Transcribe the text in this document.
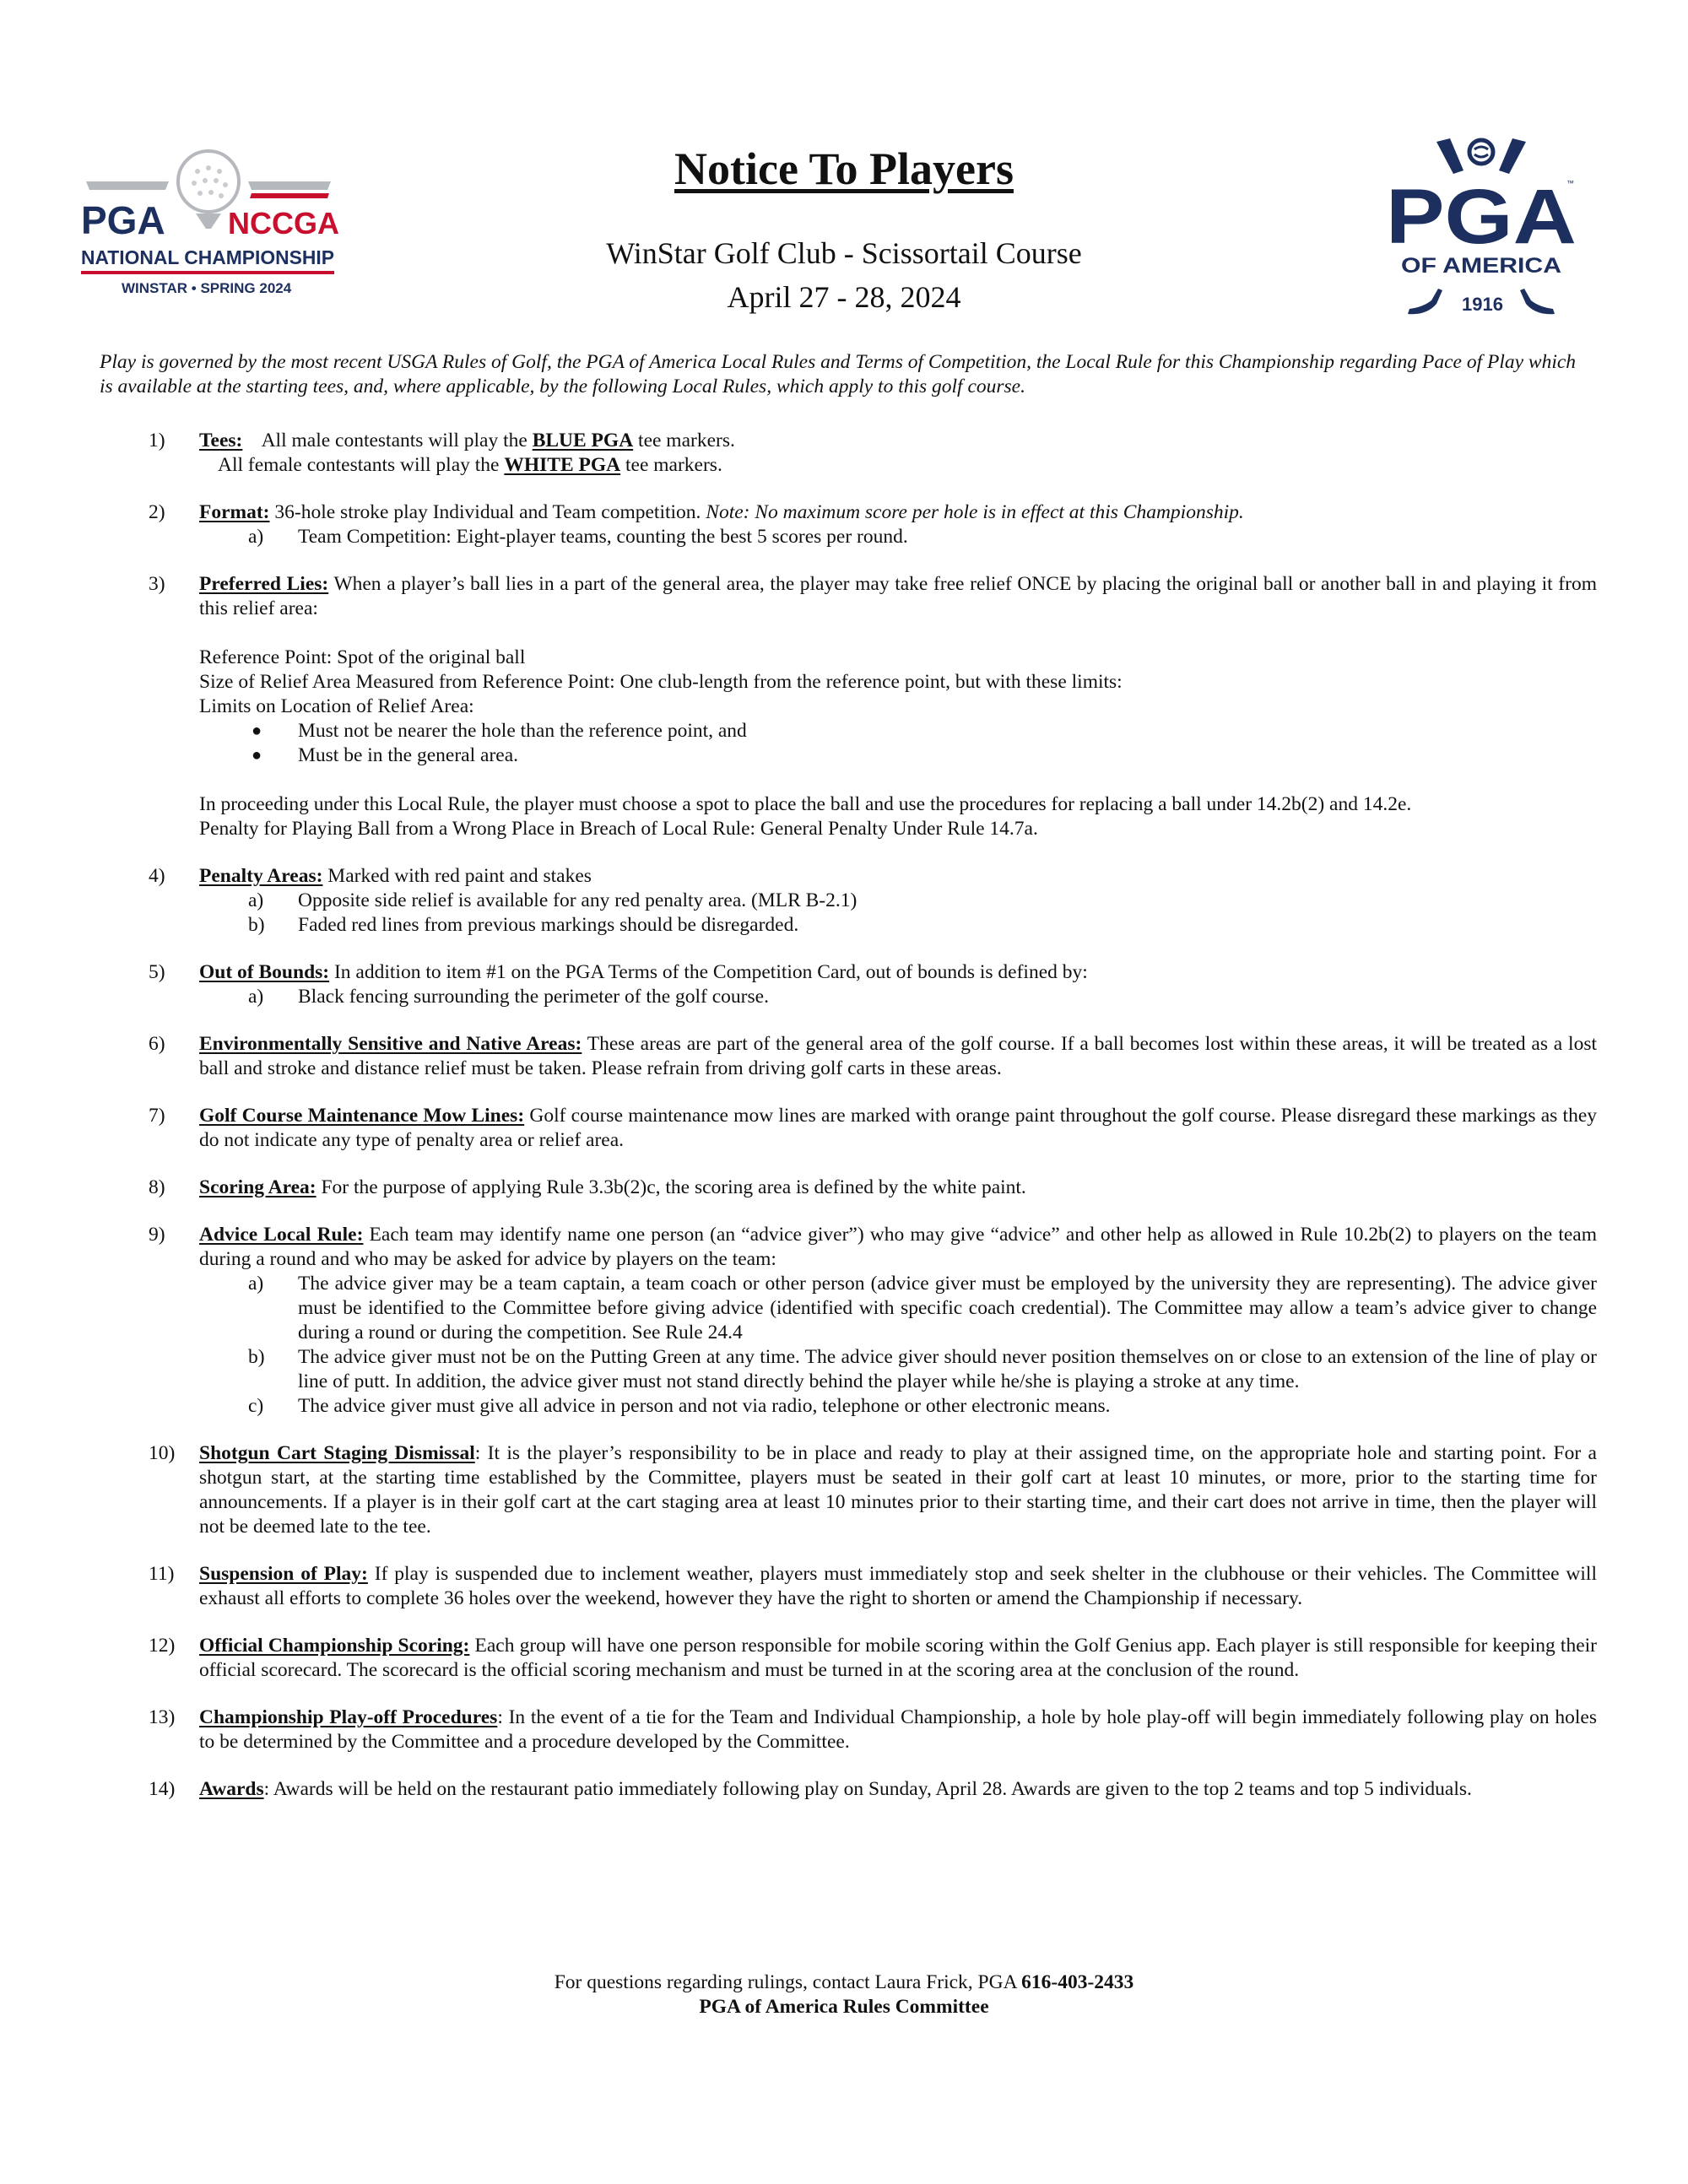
PGA NCCGA
NATIONAL CHAMPIONSHIP
WINSTAR • SPRING 2024
PGA
™
OF AMERICA
1916
Notice To Players
WinStar Golf Club - Scissortail Course
April 27 - 28, 2024
Play is governed by the most recent USGA Rules of Golf, the PGA of America Local Rules and Terms of Competition, the Local Rule for this Championship regarding Pace of Play which is available at the starting tees, and, where applicable, by the following Local Rules, which apply to this golf course.
1) Tees: All male contestants will play the BLUE PGA tee markers.
All female contestants will play the WHITE PGA tee markers.
2) Format: 36-hole stroke play Individual and Team competition. Note: No maximum score per hole is in effect at this Championship.
a) Team Competition: Eight-player teams, counting the best 5 scores per round.
3) Preferred Lies: When a player’s ball lies in a part of the general area, the player may take free relief ONCE by placing the original ball or another ball in and playing it from this relief area:
Reference Point: Spot of the original ball
Size of Relief Area Measured from Reference Point: One club-length from the reference point, but with these limits:
Limits on Location of Relief Area:
● Must not be nearer the hole than the reference point, and
● Must be in the general area.
In proceeding under this Local Rule, the player must choose a spot to place the ball and use the procedures for replacing a ball under 14.2b(2) and 14.2e.
Penalty for Playing Ball from a Wrong Place in Breach of Local Rule: General Penalty Under Rule 14.7a.
4) Penalty Areas: Marked with red paint and stakes
a) Opposite side relief is available for any red penalty area. (MLR B-2.1)
b) Faded red lines from previous markings should be disregarded.
5) Out of Bounds: In addition to item #1 on the PGA Terms of the Competition Card, out of bounds is defined by:
a) Black fencing surrounding the perimeter of the golf course.
6) Environmentally Sensitive and Native Areas: These areas are part of the general area of the golf course. If a ball becomes lost within these areas, it will be treated as a lost ball and stroke and distance relief must be taken. Please refrain from driving golf carts in these areas.
7) Golf Course Maintenance Mow Lines: Golf course maintenance mow lines are marked with orange paint throughout the golf course. Please disregard these markings as they do not indicate any type of penalty area or relief area.
8) Scoring Area: For the purpose of applying Rule 3.3b(2)c, the scoring area is defined by the white paint.
9) Advice Local Rule: Each team may identify name one person (an “advice giver”) who may give “advice” and other help as allowed in Rule 10.2b(2) to players on the team during a round and who may be asked for advice by players on the team:
a) The advice giver may be a team captain, a team coach or other person (advice giver must be employed by the university they are representing). The advice giver must be identified to the Committee before giving advice (identified with specific coach credential). The Committee may allow a team’s advice giver to change during a round or during the competition. See Rule 24.4
b) The advice giver must not be on the Putting Green at any time. The advice giver should never position themselves on or close to an extension of the line of play or line of putt. In addition, the advice giver must not stand directly behind the player while he/she is playing a stroke at any time.
c) The advice giver must give all advice in person and not via radio, telephone or other electronic means.
10) Shotgun Cart Staging Dismissal: It is the player’s responsibility to be in place and ready to play at their assigned time, on the appropriate hole and starting point. For a shotgun start, at the starting time established by the Committee, players must be seated in their golf cart at least 10 minutes, or more, prior to the starting time for announcements. If a player is in their golf cart at the cart staging area at least 10 minutes prior to their starting time, and their cart does not arrive in time, then the player will not be deemed late to the tee.
11) Suspension of Play: If play is suspended due to inclement weather, players must immediately stop and seek shelter in the clubhouse or their vehicles. The Committee will exhaust all efforts to complete 36 holes over the weekend, however they have the right to shorten or amend the Championship if necessary.
12) Official Championship Scoring: Each group will have one person responsible for mobile scoring within the Golf Genius app. Each player is still responsible for keeping their official scorecard. The scorecard is the official scoring mechanism and must be turned in at the scoring area at the conclusion of the round.
13) Championship Play-off Procedures: In the event of a tie for the Team and Individual Championship, a hole by hole play-off will begin immediately following play on holes to be determined by the Committee and a procedure developed by the Committee.
14) Awards: Awards will be held on the restaurant patio immediately following play on Sunday, April 28. Awards are given to the top 2 teams and top 5 individuals.
For questions regarding rulings, contact Laura Frick, PGA 616-403-2433
PGA of America Rules Committee
